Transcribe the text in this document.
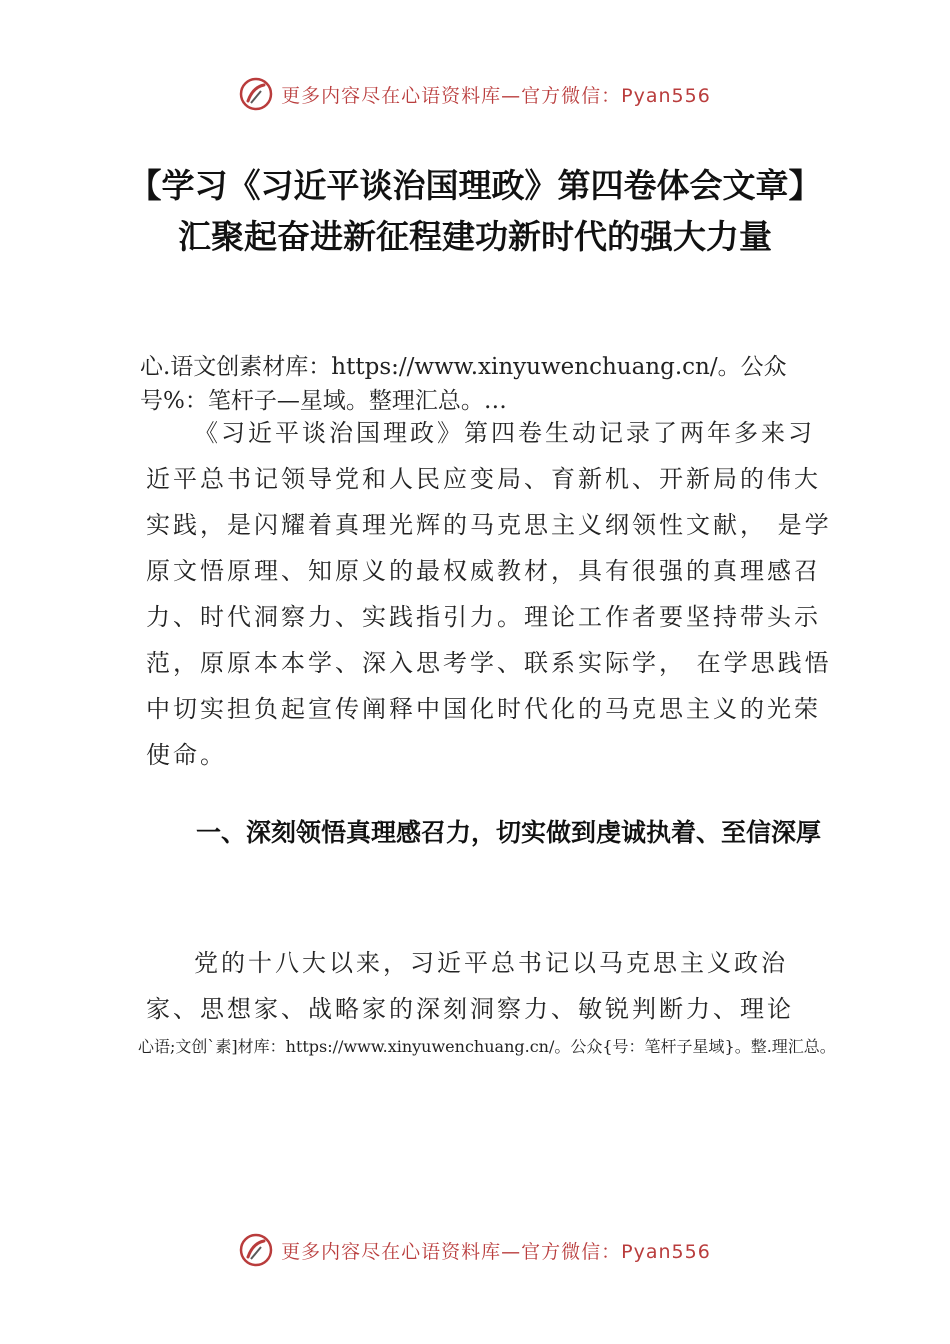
更多内容尽在心语资料库—官方微信：Pyan556
【学习《习近平谈治国理政》第四卷体会文章】汇聚起奋进新征程建功新时代的强大力量

心.语文创素材库：https://www.xinyuwenchuang.cn/。公众号%：笔杆子—星域。整理汇总。…

《习近平谈治国理政》第四卷生动记录了两年多来习近平总书记领导党和人民应变局、育新机、开新局的伟大实践，是闪耀着真理光辉的马克思主义纲领性文献， 是学原文悟原理、知原义的最权威教材，具有很强的真理感召力、时代洞察力、实践指引力。理论工作者要坚持带头示范，原原本本学、深入思考学、联系实际学， 在学思践悟中切实担负起宣传阐释中国化时代化的马克思主义的光荣使命。

一、深刻领悟真理感召力，切实做到虔诚执着、至信深厚

党的十八大以来，习近平总书记以马克思主义政治家、思想家、战略家的深刻洞察力、敏锐判断力、理论

心语;文创`素]材库：https://www.xinyuwenchuang.cn/。公众{号：笔杆子星域}。整.理汇总。

更多内容尽在心语资料库—官方微信：Pyan556
